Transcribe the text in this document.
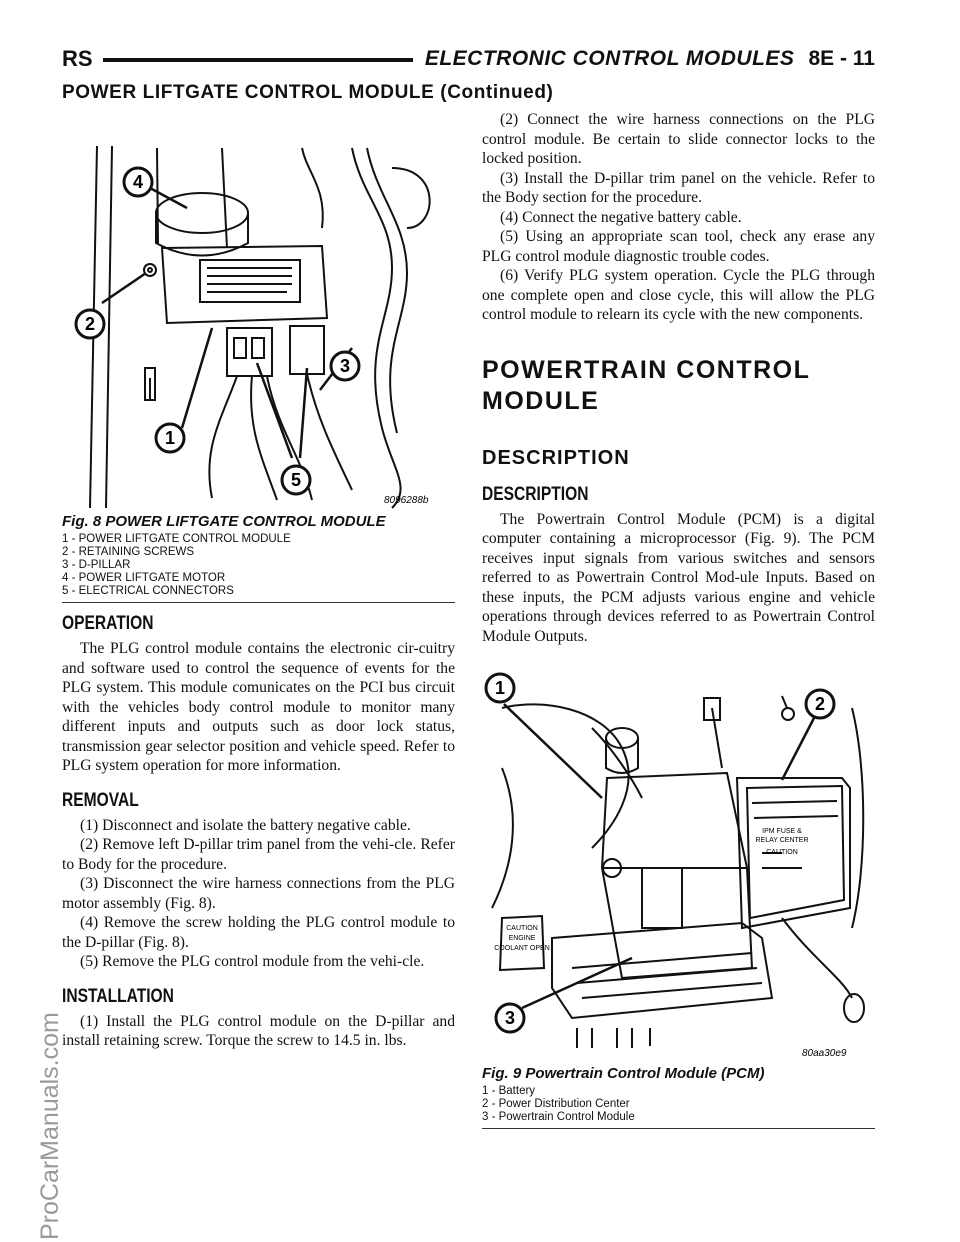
ProCarManuals.com
RS	ELECTRONIC CONTROL MODULES 8E - 11
POWER LIFTGATE CONTROL MODULE (Continued)
4
2
3
1
5
8096288b
Fig. 8 POWER LIFTGATE CONTROL MODULE
1 - POWER LIFTGATE CONTROL MODULE
2 - RETAINING SCREWS
3 - D-PILLAR
4 - POWER LIFTGATE MOTOR
5 - ELECTRICAL CONNECTORS
OPERATION

The PLG control module contains the electronic cir-cuitry and software used to control the sequence of events for the PLG system. This module comunicates on the PCI bus circuit with the vehicles body control module to monitor many different inputs and outputs such as door lock status, transmission gear selector position and vehicle speed. Refer to PLG system operation for more information.

REMOVAL

(1) Disconnect and isolate the battery negative cable.

(2) Remove left D-pillar trim panel from the vehi-cle. Refer to Body for the procedure.

(3) Disconnect the wire harness connections from the PLG motor assembly (Fig. 8).

(4) Remove the screw holding the PLG control module to the D-pillar (Fig. 8).

(5) Remove the PLG control module from the vehi-cle.

INSTALLATION

(1) Install the PLG control module on the D-pillar and install retaining screw. Torque the screw to 14.5 in. lbs.

(2) Connect the wire harness connections on the PLG control module. Be certain to slide connector locks to the locked position.

(3) Install the D-pillar trim panel on the vehicle. Refer to the Body section for the procedure.

(4) Connect the negative battery cable.

(5) Using an appropriate scan tool, check any erase any PLG control module diagnostic trouble codes.

(6) Verify PLG system operation. Cycle the PLG through one complete open and close cycle, this will allow the PLG control module to relearn its cycle with the new components.

POWERTRAIN CONTROL
MODULE
DESCRIPTION
DESCRIPTION

The Powertrain Control Module (PCM) is a digital computer containing a microprocessor (Fig. 9). The PCM receives input signals from various switches and sensors referred to as Powertrain Control Mod-ule Inputs. Based on these inputs, the PCM adjusts various engine and vehicle operations through devices referred to as Powertrain Control Module Outputs.

IPM FUSE &
RELAY CENTER
CAUTION
CAUTION
ENGINE
COOLANT OPEN
1
2
3
80aa30e9
Fig. 9 Powertrain Control Module (PCM)
1 - Battery
2 - Power Distribution Center
3 - Powertrain Control Module
